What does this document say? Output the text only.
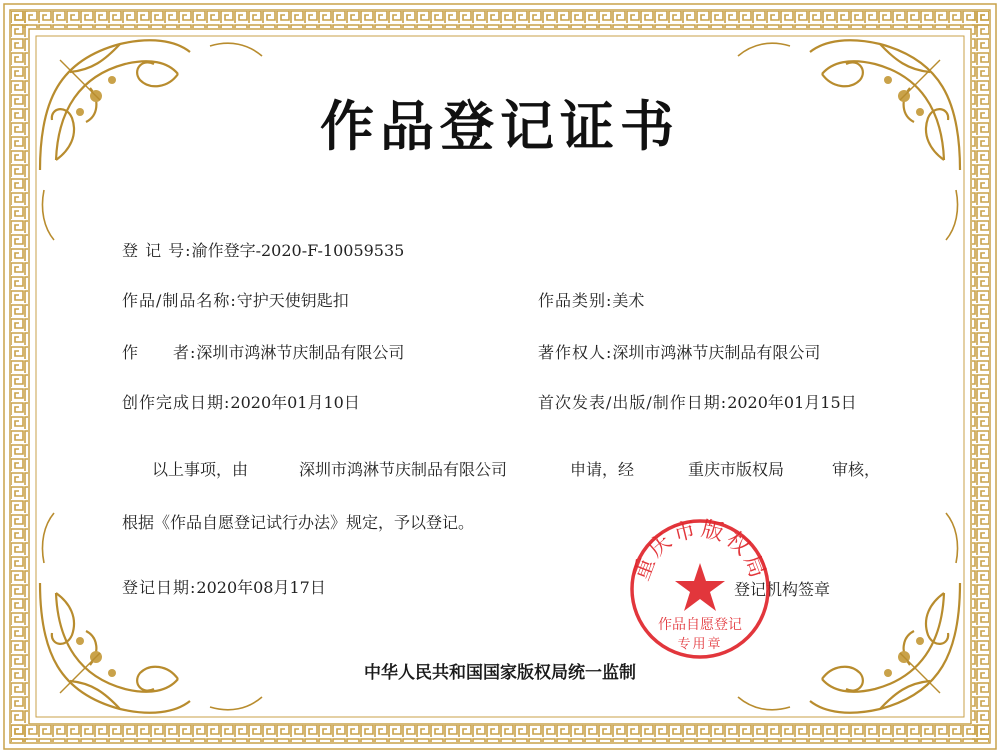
作品登记证书
登 记 号:渝作登字-2020-F-10059535
作品/制品名称:守护天使钥匙扣	作品类别:美术
作　　者:深圳市鸿淋节庆制品有限公司	著作权人:深圳市鸿淋节庆制品有限公司
创作完成日期:2020年01月10日	首次发表/出版/制作日期:2020年01月15日
以上事项，由	深圳市鸿淋节庆制品有限公司	申请，经	重庆市版权局	审核，
根据《作品自愿登记试行办法》规定，予以登记。
登记日期:2020年08月17日	登记机构签章
重庆市版权局
作品自愿登记
专用章
中华人民共和国国家版权局统一监制
